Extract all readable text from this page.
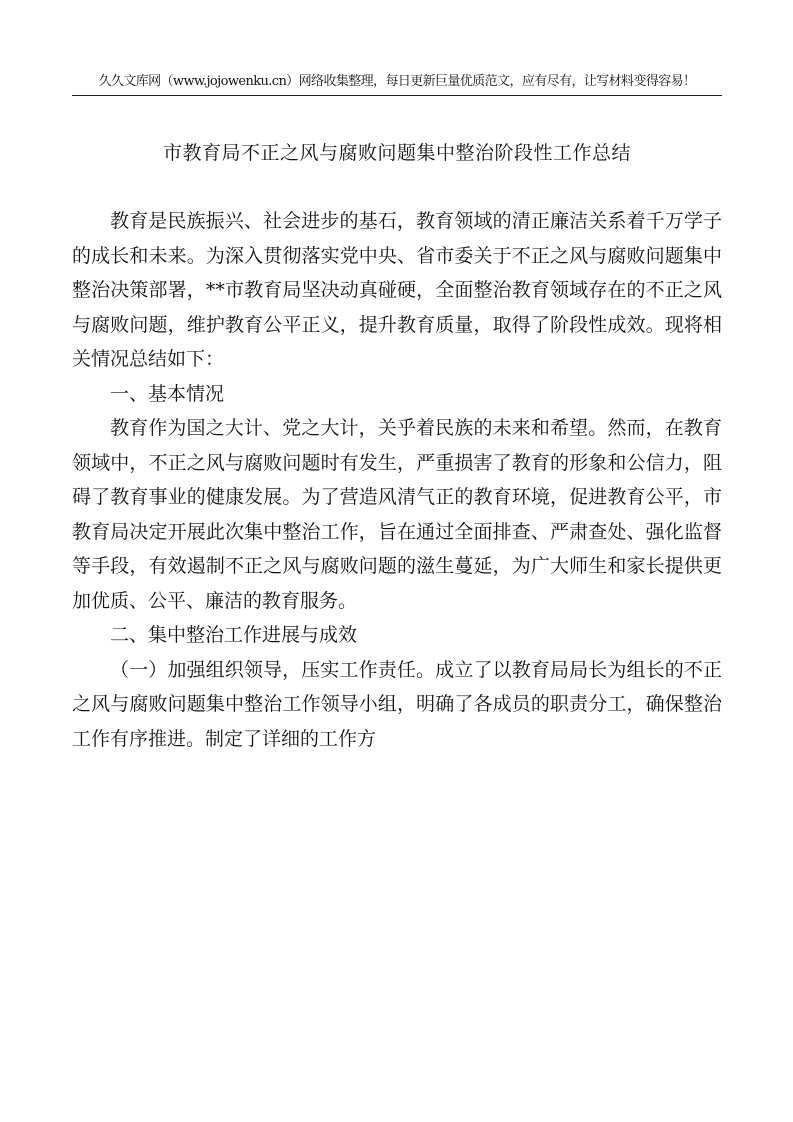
久久文库网（www.jojowenku.cn）网络收集整理，每日更新巨量优质范文，应有尽有，让写材料变得容易！
市教育局不正之风与腐败问题集中整治阶段性工作总结

教育是民族振兴、社会进步的基石，教育领域的清正廉洁关系着千万学子的成长和未来。为深入贯彻落实党中央、省市委关于不正之风与腐败问题集中整治决策部署，**市教育局坚决动真碰硬，全面整治教育领域存在的不正之风与腐败问题，维护教育公平正义，提升教育质量，取得了阶段性成效。现将相关情况总结如下：

一、基本情况

教育作为国之大计、党之大计，关乎着民族的未来和希望。然而，在教育领域中，不正之风与腐败问题时有发生，严重损害了教育的形象和公信力，阻碍了教育事业的健康发展。为了营造风清气正的教育环境，促进教育公平，市教育局决定开展此次集中整治工作，旨在通过全面排查、严肃查处、强化监督等手段，有效遏制不正之风与腐败问题的滋生蔓延，为广大师生和家长提供更加优质、公平、廉洁的教育服务。

二、集中整治工作进展与成效

（一）加强组织领导，压实工作责任。成立了以教育局局长为组长的不正之风与腐败问题集中整治工作领导小组，明确了各成员的职责分工，确保整治工作有序推进。制定了详细的工作方
